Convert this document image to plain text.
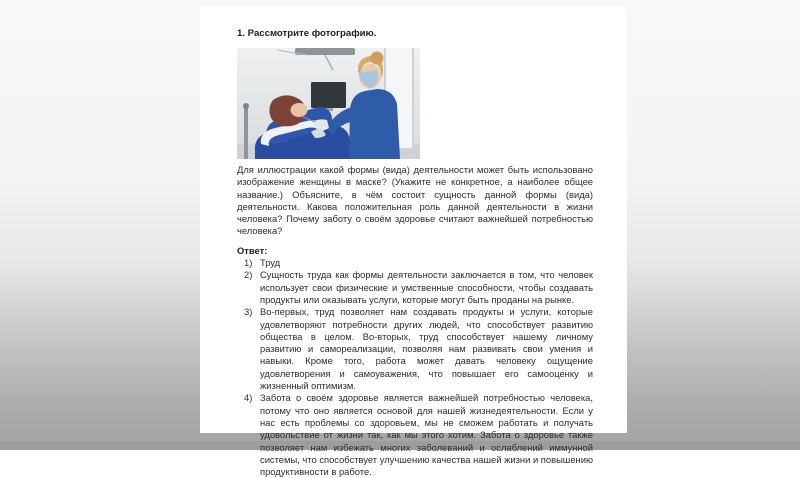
1. Рассмотрите фотографию.
Для иллюстрации какой формы (вида) деятельности может быть использовано изображение женщины в маске? (Укажите не конкретное, а наиболее общее название.) Объясните, в чём состоит сущность данной формы (вида) деятельности. Какова положительная роль данной деятельности в жизни человека? Почему заботу о своём здоровье считают важнейшей потребностью человека?
Ответ:
1) Труд
2) Сущность труда как формы деятельности заключается в том, что человек использует свои физические и умственные способности, чтобы создавать продукты или оказывать услуги, которые могут быть проданы на рынке.
3) Во-первых, труд позволяет нам создавать продукты и услуги, которые удовлетворяют потребности других людей, что способствует развитию общества в целом. Во-вторых, труд способствует нашему личному развитию и самореализации, позволяя нам развивать свои умения и навыки. Кроме того, работа может давать человеку ощущение удовлетворения и самоуважения, что повышает его самооценку и жизненный оптимизм.
4) Забота о своём здоровье является важнейшей потребностью человека, потому что оно является основой для нашей жизнедеятельности. Если у нас есть проблемы со здоровьем, мы не сможем работать и получать удовольствие от жизни так, как мы этого хотим. Забота о здоровье также позволяет нам избежать многих заболеваний и ослаблений иммунной системы, что способствует улучшению качества нашей жизни и повышению продуктивности в работе.
